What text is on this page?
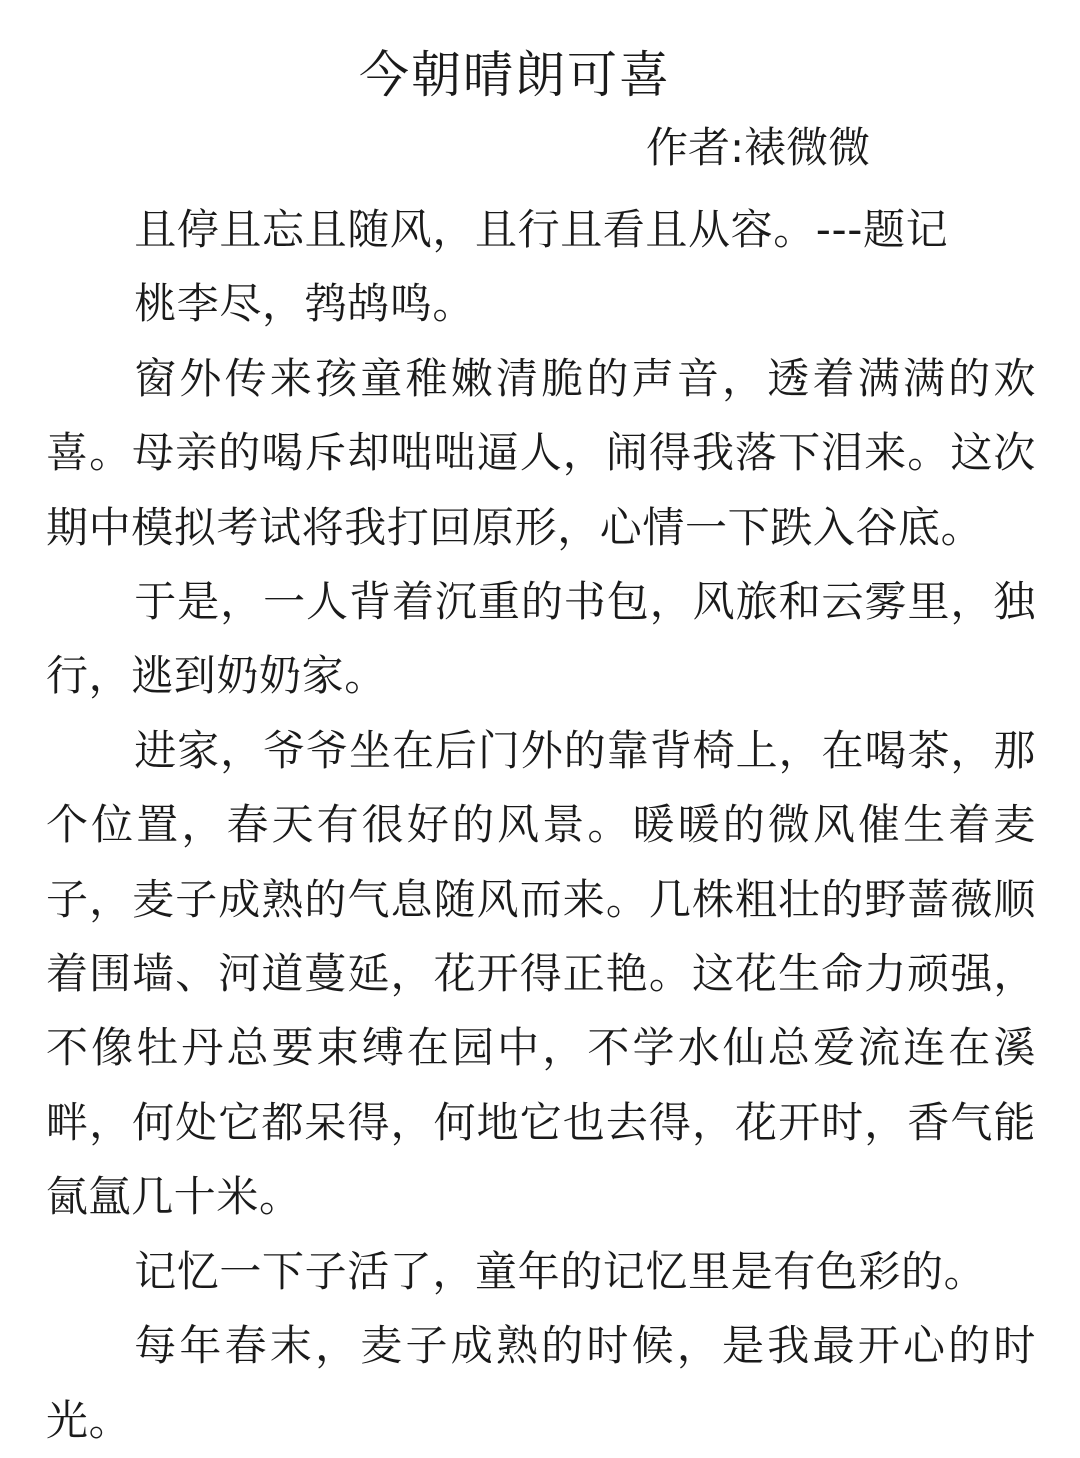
今朝晴朗可喜
作者:裱微微

且停且忘且随风，且行且看且从容。---题记

桃李尽，鹁鸪鸣。

窗外传来孩童稚嫩清脆的声音，透着满满的欢喜。母亲的喝斥却咄咄逼人，闹得我落下泪来。这次期中模拟考试将我打回原形，心情一下跌入谷底。

于是，一人背着沉重的书包，风旅和云雾里，独行，逃到奶奶家。

进家，爷爷坐在后门外的靠背椅上，在喝茶，那个位置，春天有很好的风景。暖暖的微风催生着麦子，麦子成熟的气息随风而来。几株粗壮的野蔷薇顺着围墙、河道蔓延，花开得正艳。这花生命力顽强，不像牡丹总要束缚在园中，不学水仙总爱流连在溪畔，何处它都呆得，何地它也去得，花开时，香气能氤氲几十米。

记忆一下子活了，童年的记忆里是有色彩的。

每年春末，麦子成熟的时候，是我最开心的时光。
